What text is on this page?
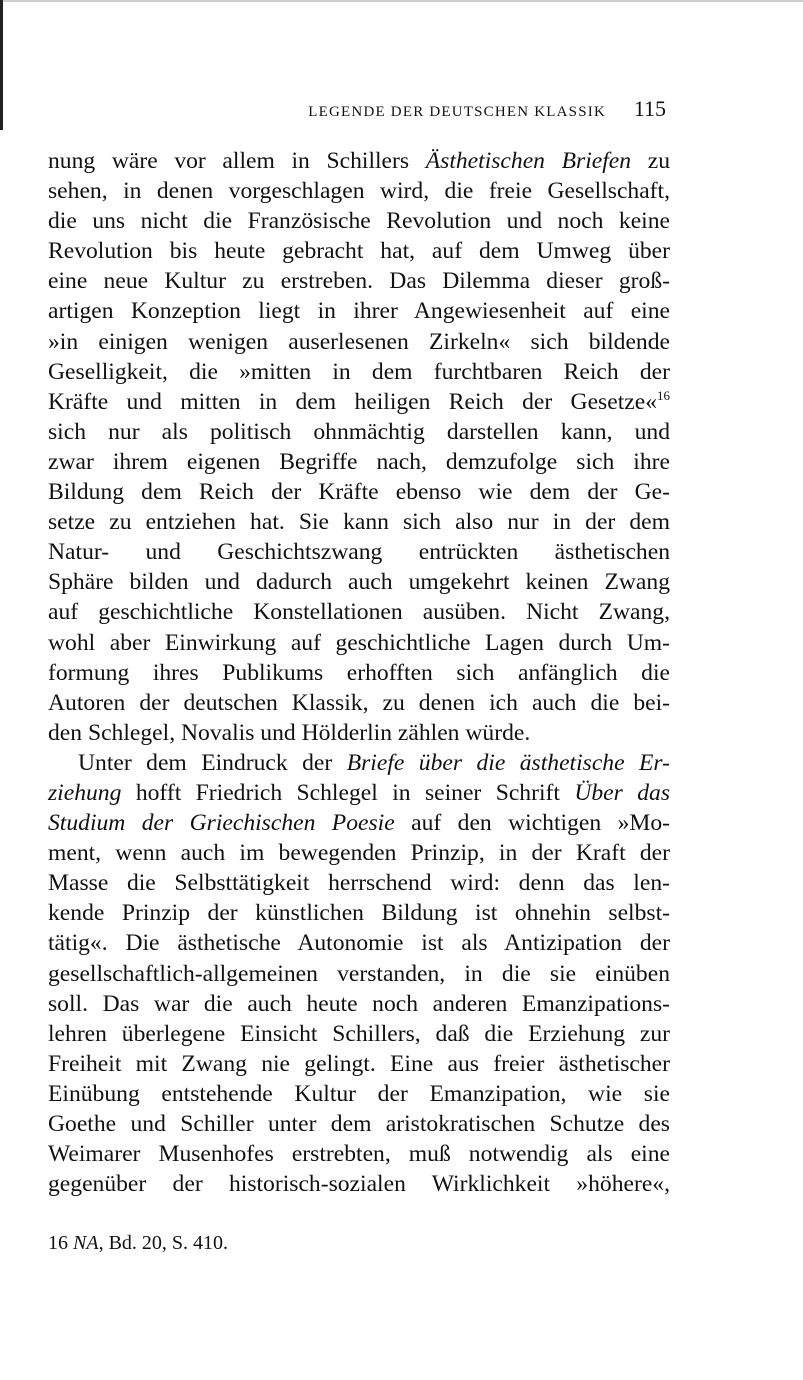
LEGENDE DER DEUTSCHEN KLASSIK 115
nung wäre vor allem in Schillers Ästhetischen Briefen zu
sehen, in denen vorgeschlagen wird, die freie Gesellschaft,
die uns nicht die Französische Revolution und noch keine
Revolution bis heute gebracht hat, auf dem Umweg über
eine neue Kultur zu erstreben. Das Dilemma dieser groß-
artigen Konzeption liegt in ihrer Angewiesenheit auf eine
»in einigen wenigen auserlesenen Zirkeln« sich bildende
Geselligkeit, die »mitten in dem furchtbaren Reich der
Kräfte und mitten in dem heiligen Reich der Gesetze«$^{16}$
sich nur als politisch ohnmächtig darstellen kann, und
zwar ihrem eigenen Begriffe nach, demzufolge sich ihre
Bildung dem Reich der Kräfte ebenso wie dem der Ge-
setze zu entziehen hat. Sie kann sich also nur in der dem
Natur- und Geschichtszwang entrückten ästhetischen
Sphäre bilden und dadurch auch umgekehrt keinen Zwang
auf geschichtliche Konstellationen ausüben. Nicht Zwang,
wohl aber Einwirkung auf geschichtliche Lagen durch Um-
formung ihres Publikums erhofften sich anfänglich die
Autoren der deutschen Klassik, zu denen ich auch die bei-
den Schlegel, Novalis und Hölderlin zählen würde.
Unter dem Eindruck der Briefe über die ästhetische Er-
ziehung hofft Friedrich Schlegel in seiner Schrift Über das
Studium der Griechischen Poesie auf den wichtigen »Mo-
ment, wenn auch im bewegenden Prinzip, in der Kraft der
Masse die Selbsttätigkeit herrschend wird: denn das len-
kende Prinzip der künstlichen Bildung ist ohnehin selbst-
tätig«. Die ästhetische Autonomie ist als Antizipation der
gesellschaftlich-allgemeinen verstanden, in die sie einüben
soll. Das war die auch heute noch anderen Emanzipations-
lehren überlegene Einsicht Schillers, daß die Erziehung zur
Freiheit mit Zwang nie gelingt. Eine aus freier ästhetischer
Einübung entstehende Kultur der Emanzipation, wie sie
Goethe und Schiller unter dem aristokratischen Schutze des
Weimarer Musenhofes erstrebten, muß notwendig als eine
gegenüber der historisch-sozialen Wirklichkeit »höhere«,
16 NA, Bd. 20, S. 410.
